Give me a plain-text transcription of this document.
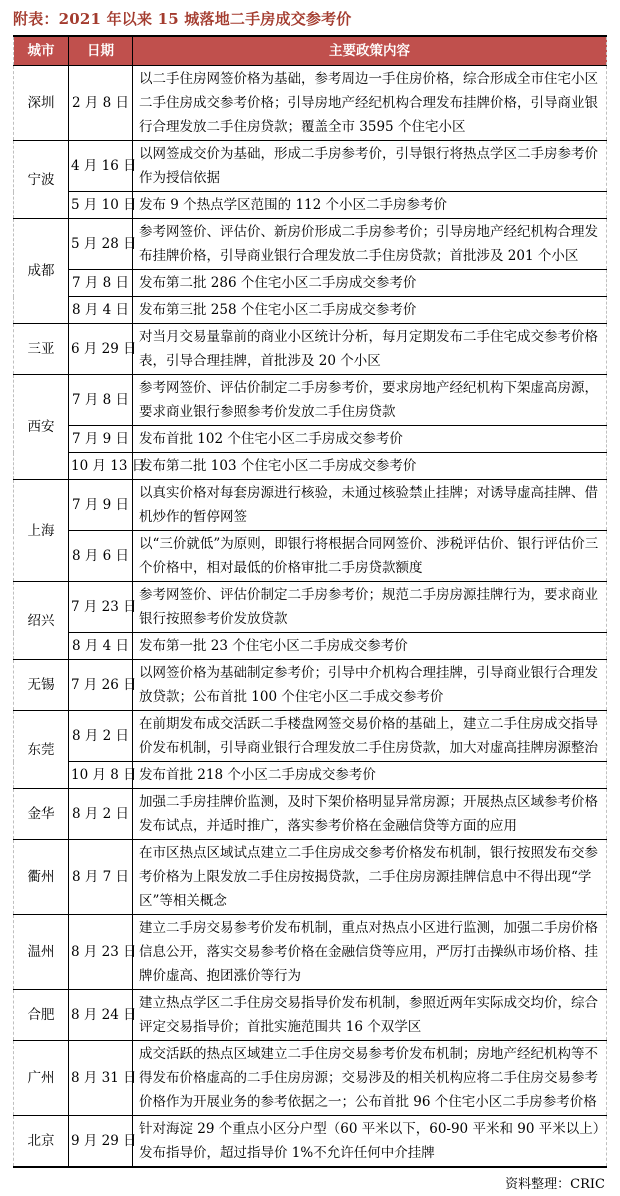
附表：2021 年以来 15 城落地二手房成交参考价
城市	日期	主要政策内容
深圳	2 月 8 日	以二手住房网签价格为基础，参考周边一手住房价格，综合形成全市住宅小区二手住房成交参考价格；引导房地产经纪机构合理发布挂牌价格，引导商业银行合理发放二手住房贷款；覆盖全市 3595 个住宅小区
宁波	4 月 16 日	以网签成交价为基础，形成二手房参考价，引导银行将热点学区二手房参考价作为授信依据
	5 月 10 日	发布 9 个热点学区范围的 112 个小区二手房参考价
成都	5 月 28 日	参考网签价、评估价、新房价形成二手房参考价；引导房地产经纪机构合理发布挂牌价格，引导商业银行合理发放二手住房贷款；首批涉及 201 个小区
	7 月 8 日	发布第二批 286 个住宅小区二手房成交参考价
	8 月 4 日	发布第三批 258 个住宅小区二手房成交参考价
三亚	6 月 29 日	对当月交易量靠前的商业小区统计分析，每月定期发布二手住宅成交参考价格表，引导合理挂牌，首批涉及 20 个小区
西安	7 月 8 日	参考网签价、评估价制定二手房参考价，要求房地产经纪机构下架虚高房源，要求商业银行参照参考价发放二手住房贷款
	7 月 9 日	发布首批 102 个住宅小区二手房成交参考价
	10 月 13 日	发布第二批 103 个住宅小区二手房成交参考价
上海	7 月 9 日	以真实价格对每套房源进行核验，未通过核验禁止挂牌；对诱导虚高挂牌、借机炒作的暂停网签
	8 月 6 日	以“三价就低”为原则，即银行将根据合同网签价、涉税评估价、银行评估价三个价格中，相对最低的价格审批二手房贷款额度
绍兴	7 月 23 日	参考网签价、评估价制定二手房参考价；规范二手房房源挂牌行为，要求商业银行按照参考价发放贷款
	8 月 4 日	发布第一批 23 个住宅小区二手房成交参考价
无锡	7 月 26 日	以网签价格为基础制定参考价；引导中介机构合理挂牌，引导商业银行合理发放贷款；公布首批 100 个住宅小区二手成交参考价
东莞	8 月 2 日	在前期发布成交活跃二手楼盘网签交易价格的基础上，建立二手住房成交指导价发布机制，引导商业银行合理发放二手住房贷款，加大对虚高挂牌房源整治
	10 月 8 日	发布首批 218 个小区二手房成交参考价
金华	8 月 2 日	加强二手房挂牌价监测，及时下架价格明显异常房源；开展热点区域参考价格发布试点，并适时推广，落实参考价格在金融信贷等方面的应用
衢州	8 月 7 日	在市区热点区域试点建立二手住房成交参考价格发布机制，银行按照发布交参考价格为上限发放二手住房按揭贷款，二手住房房源挂牌信息中不得出现“学区”等相关概念
温州	8 月 23 日	建立二手房交易参考价发布机制，重点对热点小区进行监测，加强二手房价格信息公开，落实交易参考价格在金融信贷等应用，严厉打击操纵市场价格、挂牌价虚高、抱团涨价等行为
合肥	8 月 24 日	建立热点学区二手住房交易指导价发布机制，参照近两年实际成交均价，综合评定交易指导价；首批实施范围共 16 个双学区
广州	8 月 31 日	成交活跃的热点区域建立二手住房交易参考价发布机制；房地产经纪机构等不得发布价格虚高的二手住房房源；交易涉及的相关机构应将二手住房交易参考价格作为开展业务的参考依据之一；公布首批 96 个住宅小区二手房参考价格
北京	9 月 29 日	针对海淀 29 个重点小区分户型（60 平米以下，60-90 平米和 90 平米以上）发布指导价，超过指导价 1%不允许任何中介挂牌
资料整理：CRIC
